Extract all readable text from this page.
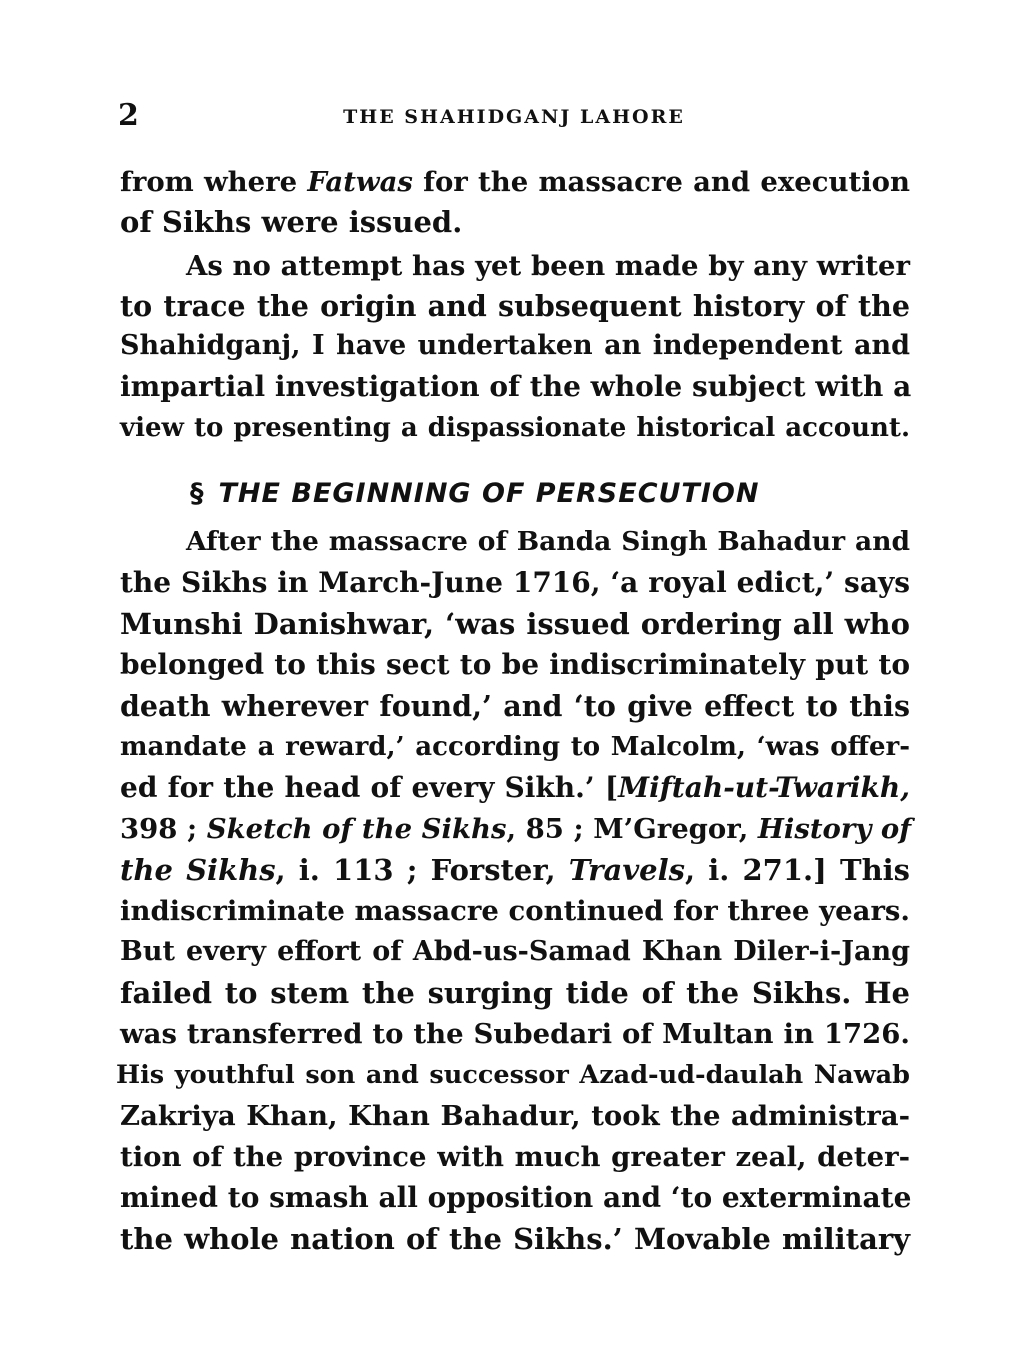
2	THE SHAHIDGANJ LAHORE
from where Fatwas for the massacre and execution
of Sikhs were issued.
As no attempt has yet been made by any writer
to trace the origin and subsequent history of the
Shahidganj, I have undertaken an independent and
impartial investigation of the whole subject with a
view to presenting a dispassionate historical account.
§ THE BEGINNING OF PERSECUTION
After the massacre of Banda Singh Bahadur and
the Sikhs in March-June 1716, ‘a royal edict,’ says
Munshi Danishwar, ‘was issued ordering all who
belonged to this sect to be indiscriminately put to
death wherever found,’ and ‘to give effect to this
mandate a reward,’ according to Malcolm, ‘was offer-
ed for the head of every Sikh.’ [Miftah-ut-Twarikh,
398 ; Sketch of the Sikhs, 85 ; M’Gregor, History of
the Sikhs, i. 113 ; Forster, Travels, i. 271.] This
indiscriminate massacre continued for three years.
But every effort of Abd-us-Samad Khan Diler-i-Jang
failed to stem the surging tide of the Sikhs. He
was transferred to the Subedari of Multan in 1726.
His youthful son and successor Azad-ud-daulah Nawab
Zakriya Khan, Khan Bahadur, took the administra-
tion of the province with much greater zeal, deter-
mined to smash all opposition and ‘to exterminate
the whole nation of the Sikhs.’ Movable military
